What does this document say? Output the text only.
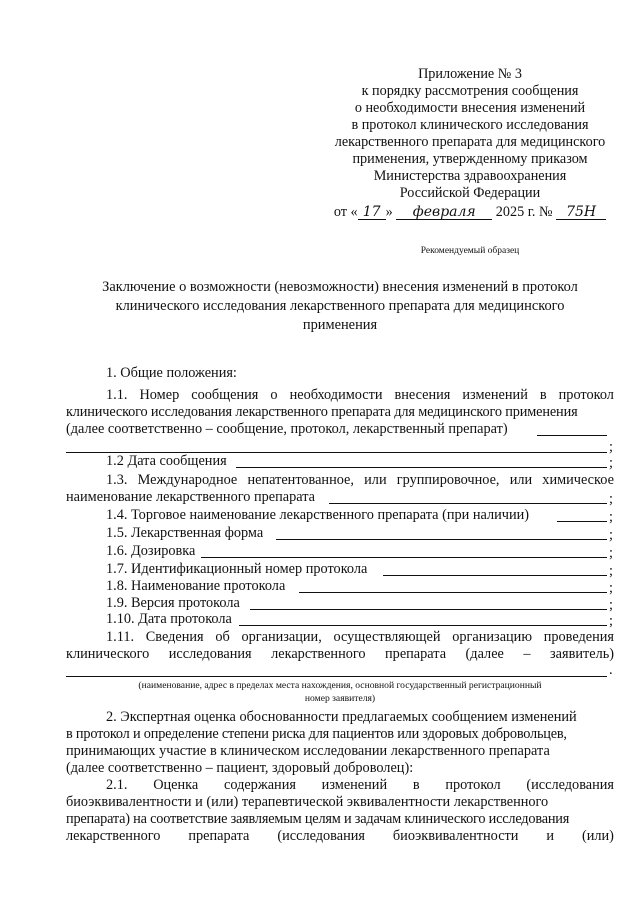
Приложение № 3
к порядку рассмотрения сообщения
о необходимости внесения изменений
в протокол клинического исследования
лекарственного препарата для медицинского
применения, утвержденному приказом
Министерства здравоохранения
Российской Федерации
от « 17 » февраля 2025 г. № 75Н
Рекомендуемый образец
Заключение о возможности (невозможности) внесения изменений в протокол
клинического исследования лекарственного препарата для медицинского
применения
1. Общие положения:
1.1. Номер сообщения о необходимости внесения изменений в протокол
клинического исследования лекарственного препарата для медицинского применения
(далее соответственно – сообщение, протокол, лекарственный препарат)
;
1.2 Дата сообщения	;
1.3. Международное непатентованное, или группировочное, или химическое
наименование лекарственного препарата	;
1.4. Торговое наименование лекарственного препарата (при наличии)	;
1.5. Лекарственная форма	;
1.6. Дозировка	;
1.7. Идентификационный номер протокола	;
1.8. Наименование протокола	;
1.9. Версия протокола	;
1.10. Дата протокола	;
1.11. Сведения об организации, осуществляющей организацию проведения
клинического исследования лекарственного препарата (далее – заявитель)
.
(наименование, адрес в пределах места нахождения, основной государственный регистрационный
номер заявителя)
2. Экспертная оценка обоснованности предлагаемых сообщением изменений
в протокол и определение степени риска для пациентов или здоровых добровольцев,
принимающих участие в клиническом исследовании лекарственного препарата
(далее соответственно – пациент, здоровый доброволец):
2.1. Оценка содержания изменений в протокол (исследования
биоэквивалентности и (или) терапевтической эквивалентности лекарственного
препарата) на соответствие заявляемым целям и задачам клинического исследования
лекарственного препарата (исследования биоэквивалентности и (или)
